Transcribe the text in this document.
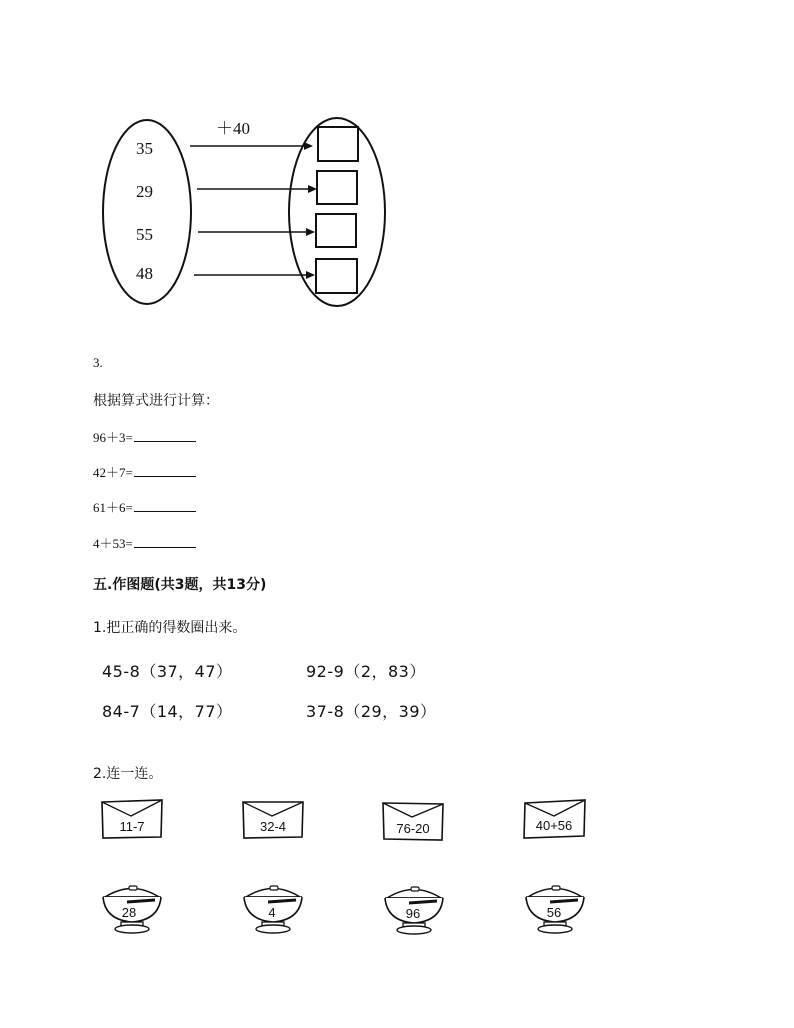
＋40
35
29
55
48
3.
根据算式进行计算：
96＋3=
42＋7=
61＋6=
4＋53=
五.作图题(共3题，共13分)
1.把正确的得数圈出来。
45-8（37，47）	92-9（2，83）
84-7（14，77）	37-8（29，39）
2.连一连。
11-7	32-4	76-20	40+56
28	4	96	56
